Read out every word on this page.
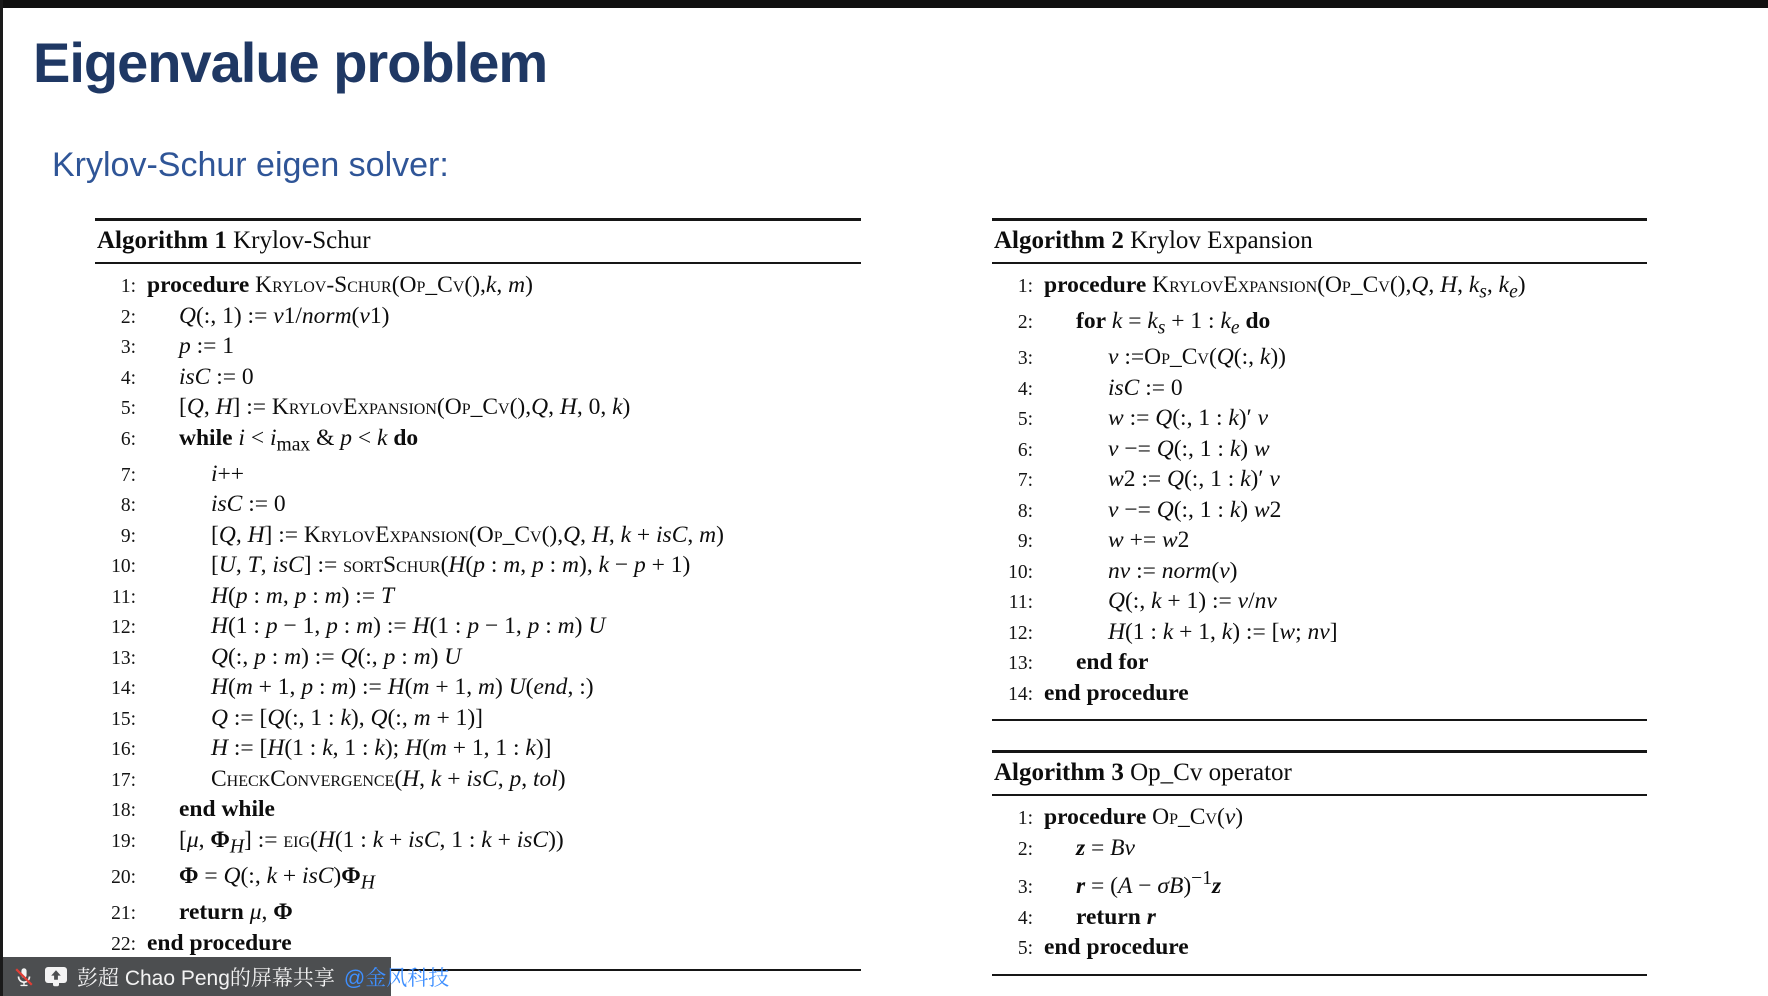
Eigenvalue problem
Krylov-Schur eigen solver:
Algorithm 1 Krylov-Schur
1: procedure Krylov-Schur(Op_Cv(),k, m)
2:	Q(:, 1) := v1/norm(v1)
3:	p := 1
4:	isC := 0
5:	[Q, H] := KrylovExpansion(Op_Cv(),Q, H, 0, k)
6:	while $i < i_{max}$ & p < k do
7:	i++
8:	isC := 0
9:	[Q, H] := KrylovExpansion(Op_Cv(),Q, H, k + isC, m)
10:	[U, T, isC] := sortSchur(H(p : m, p : m), k − p + 1)
11:	H(p : m, p : m) := T
12:	H(1 : p − 1, p : m) := H(1 : p − 1, p : m) U
13:	Q(:, p : m) := Q(:, p : m) U
14:	H(m + 1, p : m) := H(m + 1, m) U(end, :)
15:	Q := [Q(:, 1 : k), Q(:, m + 1)]
16:	H := [H(1 : k, 1 : k); H(m + 1, 1 : k)]
17:	CheckConvergence(H, k + isC, p, tol)
18:	end while
19:	[μ, $\Phi_H$] := eig(H(1 : k + isC, 1 : k + isC))
20:	Φ = Q(:, $k + isC)\Phi_H$
21:	return μ, Φ
22: end procedure
Algorithm 2 Krylov Expansion
1: procedure KrylovExpansion(Op_Cv(),Q, H, $k_s$, $k_e$)
2:	for $k = k_s + 1$ : $k_e$ do
3:	v :=Op_Cv(Q(:, k))
4:	isC := 0
5:	w := Q(:, 1 : k)′ v
6:	v −= Q(:, 1 : k) w
7:	w2 := Q(:, 1 : k)′ v
8:	v −= Q(:, 1 : k) w2
9:	w += w2
10:	nv := norm(v)
11:	Q(:, k + 1) := v/nv
12:	H(1 : k + 1, k) := [w; nv]
13:	end for
14: end procedure
Algorithm 3 Op_Cv operator
1: procedure Op_Cv(v)
2:	z = Bv
3:	$r = (A - \sigma B)^{-1}z$
4:	return r
5: end procedure
彭超 Chao Peng的屏幕共享 @金风科技
